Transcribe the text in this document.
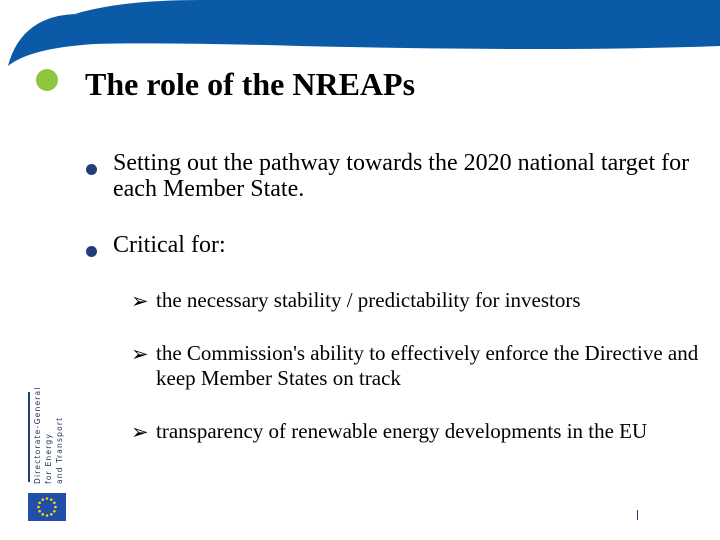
The role of the NREAPs
Setting out the pathway towards the 2020 national target for each Member State.
Critical for:
➢ the necessary stability / predictability for investors
➢ the Commission's ability to effectively enforce the Directive and keep Member States on track
➢ transparency of renewable energy developments in the EU
Directorate-General for Energy and Transport
